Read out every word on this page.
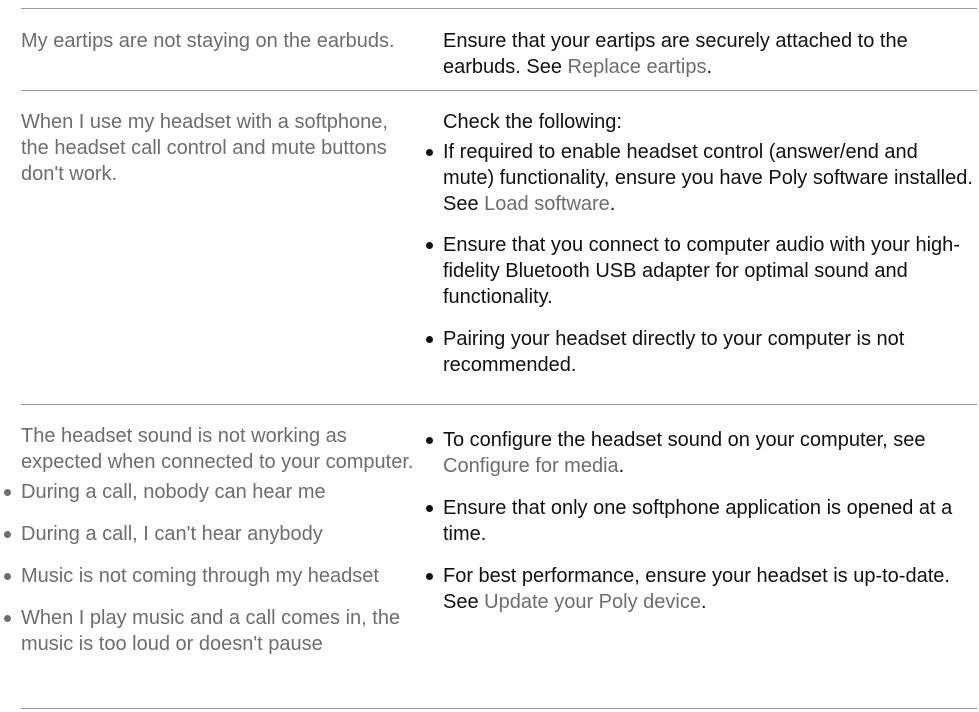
My eartips are not staying on the earbuds.	Ensure that your eartips are securely attached to the earbuds. See Replace eartips.
When I use my headset with a softphone, the headset call control and mute buttons don't work.
Check the following:
If required to enable headset control (answer/end and mute) functionality, ensure you have Poly software installed. See Load software.
Ensure that you connect to computer audio with your high-fidelity Bluetooth USB adapter for optimal sound and functionality.
Pairing your headset directly to your computer is not recommended.
The headset sound is not working as expected when connected to your computer.
During a call, nobody can hear me
During a call, I can't hear anybody
Music is not coming through my headset
When I play music and a call comes in, the music is too loud or doesn't pause
To configure the headset sound on your computer, see Configure for media.
Ensure that only one softphone application is opened at a time.
For best performance, ensure your headset is up-to-date. See Update your Poly device.
